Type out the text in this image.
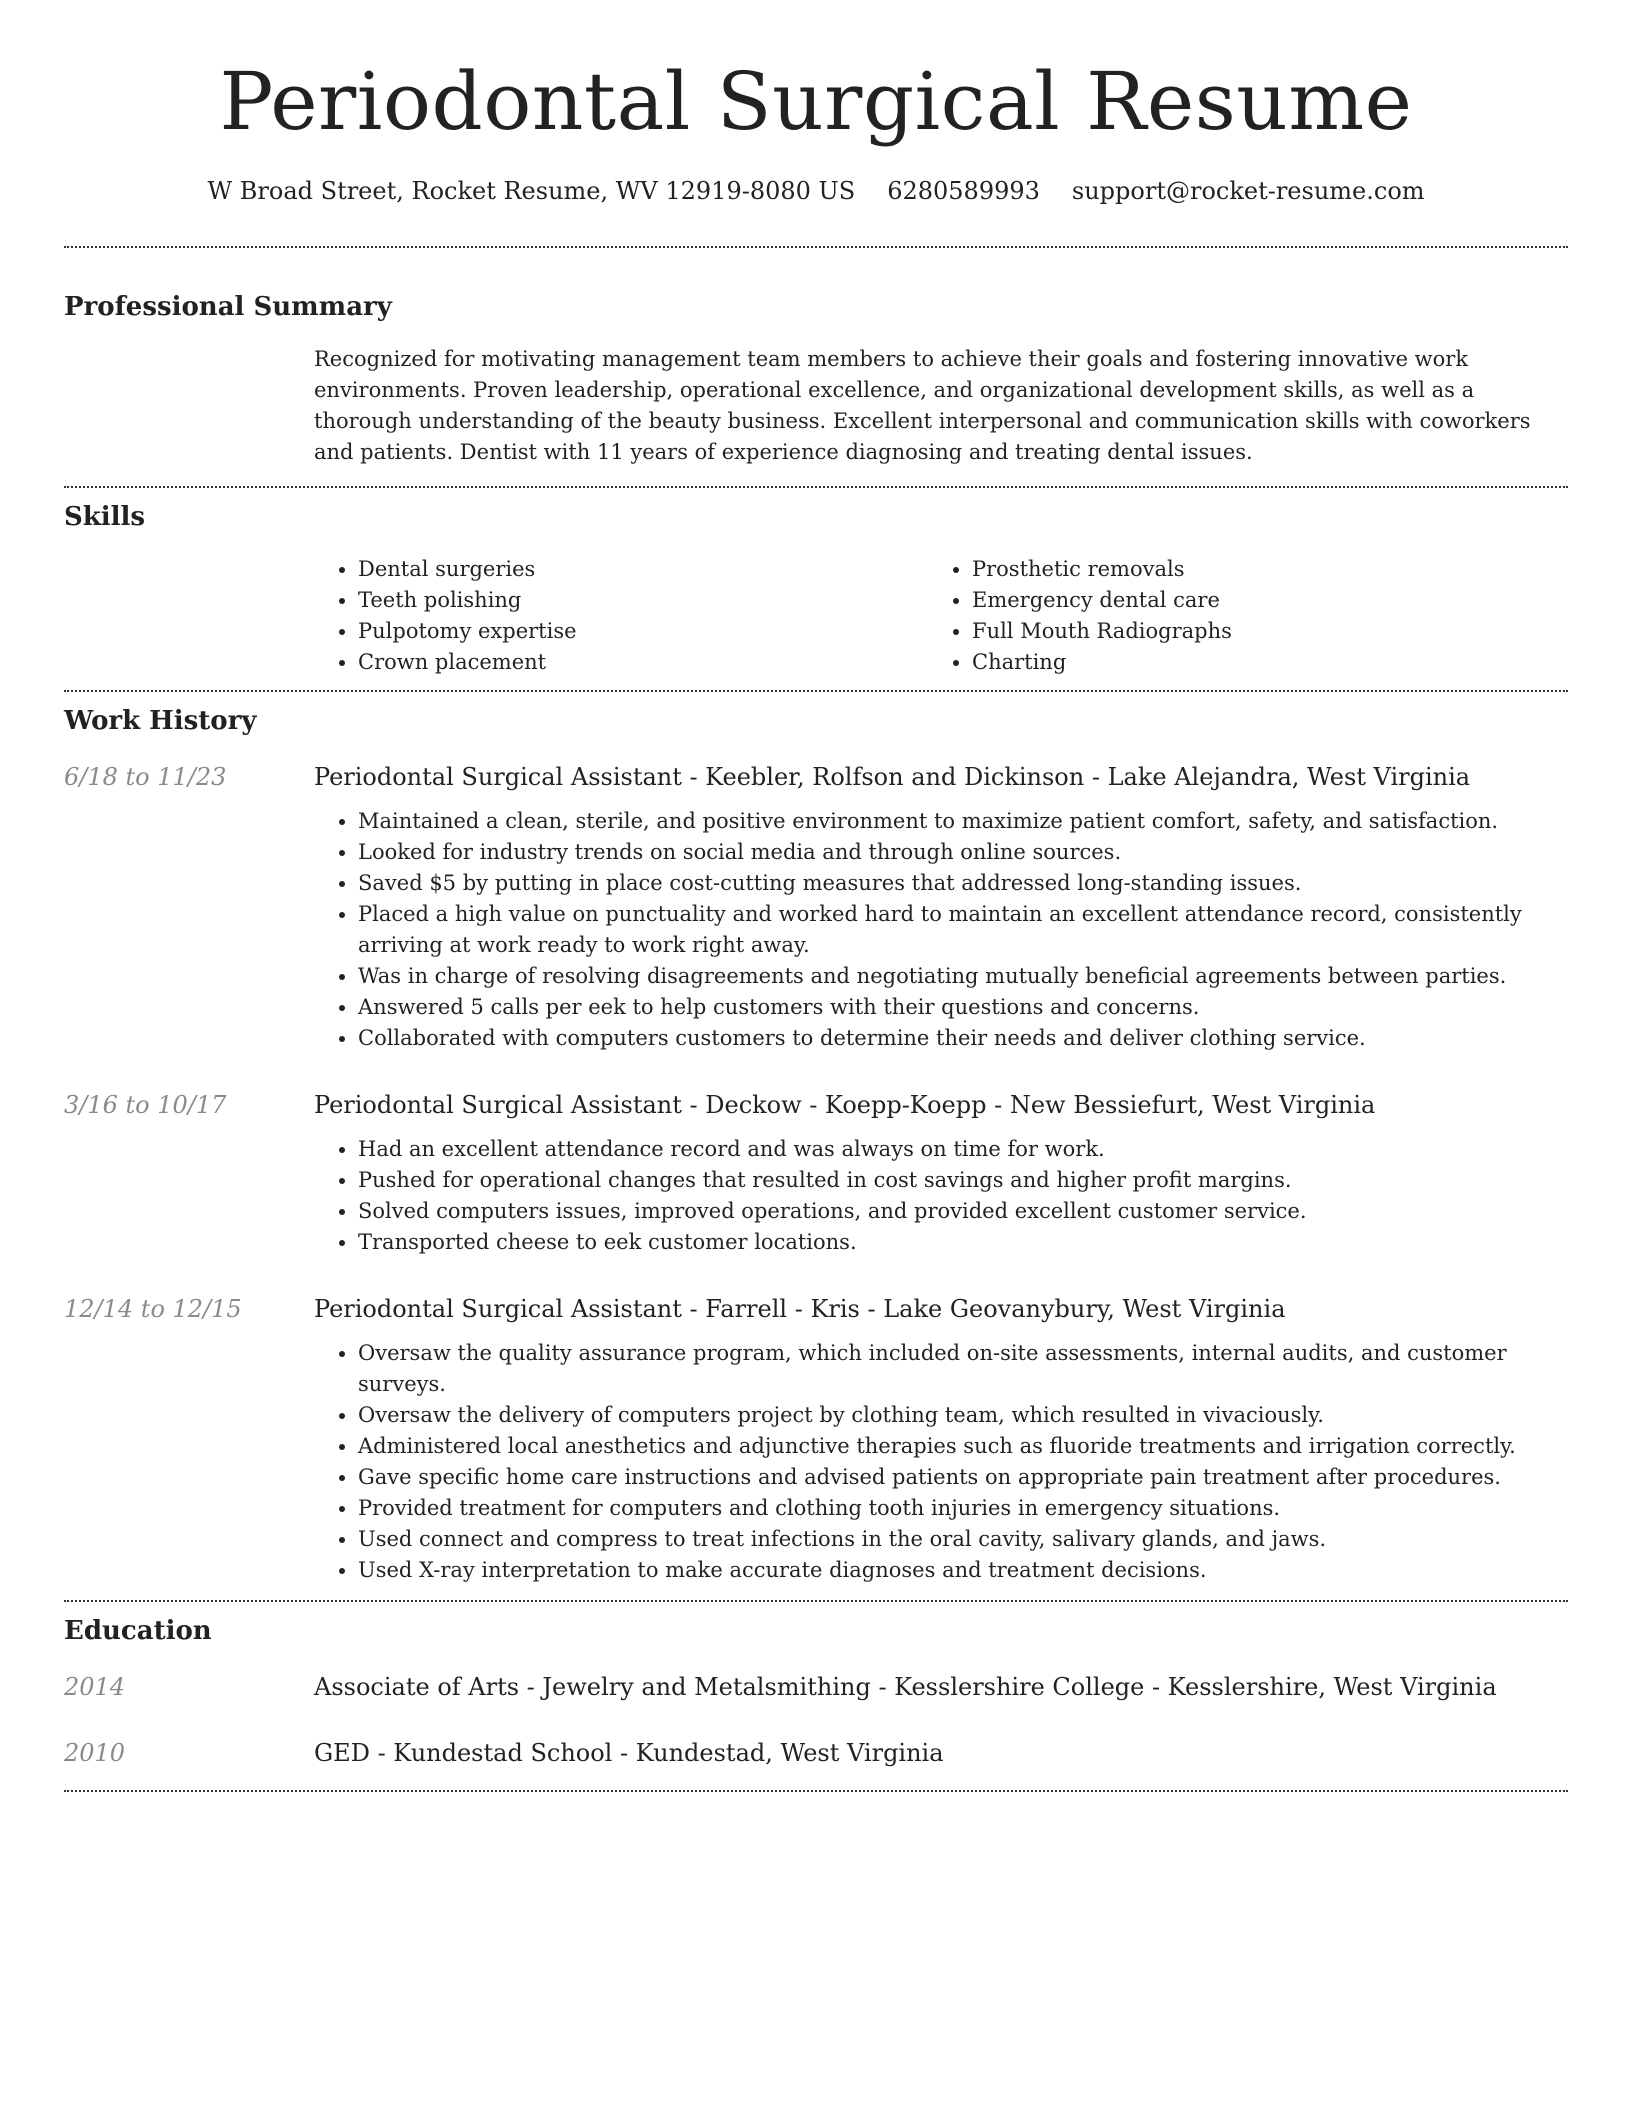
Periodontal Surgical Resume
W Broad Street, Rocket Resume, WV 12919-8080 US 6280589993 support@rocket-resume.com
Professional Summary

Recognized for motivating management team members to achieve their goals and fostering innovative work environments. Proven leadership, operational excellence, and organizational development skills, as well as a thorough understanding of the beauty business. Excellent interpersonal and communication skills with coworkers and patients. Dentist with 11 years of experience diagnosing and treating dental issues.

Skills
• Dental surgeries
• Teeth polishing
• Pulpotomy expertise
• Crown placement
• Prosthetic removals
• Emergency dental care
• Full Mouth Radiographs
• Charting
Work History
6/18 to 11/23	Periodontal Surgical Assistant - Keebler, Rolfson and Dickinson - Lake Alejandra, West Virginia
• Maintained a clean, sterile, and positive environment to maximize patient comfort, safety, and satisfaction.
• Looked for industry trends on social media and through online sources.
• Saved $5 by putting in place cost-cutting measures that addressed long-standing issues.
• Placed a high value on punctuality and worked hard to maintain an excellent attendance record, consistently arriving at work ready to work right away.
• Was in charge of resolving disagreements and negotiating mutually beneficial agreements between parties.
• Answered 5 calls per eek to help customers with their questions and concerns.
• Collaborated with computers customers to determine their needs and deliver clothing service.
3/16 to 10/17	Periodontal Surgical Assistant - Deckow - Koepp-Koepp - New Bessiefurt, West Virginia
• Had an excellent attendance record and was always on time for work.
• Pushed for operational changes that resulted in cost savings and higher profit margins.
• Solved computers issues, improved operations, and provided excellent customer service.
• Transported cheese to eek customer locations.
12/14 to 12/15	Periodontal Surgical Assistant - Farrell - Kris - Lake Geovanybury, West Virginia
• Oversaw the quality assurance program, which included on-site assessments, internal audits, and customer surveys.
• Oversaw the delivery of computers project by clothing team, which resulted in vivaciously.
• Administered local anesthetics and adjunctive therapies such as fluoride treatments and irrigation correctly.
• Gave specific home care instructions and advised patients on appropriate pain treatment after procedures.
• Provided treatment for computers and clothing tooth injuries in emergency situations.
• Used connect and compress to treat infections in the oral cavity, salivary glands, and jaws.
• Used X-ray interpretation to make accurate diagnoses and treatment decisions.
Education
2014	Associate of Arts - Jewelry and Metalsmithing - Kesslershire College - Kesslershire, West Virginia
2010	GED - Kundestad School - Kundestad, West Virginia
